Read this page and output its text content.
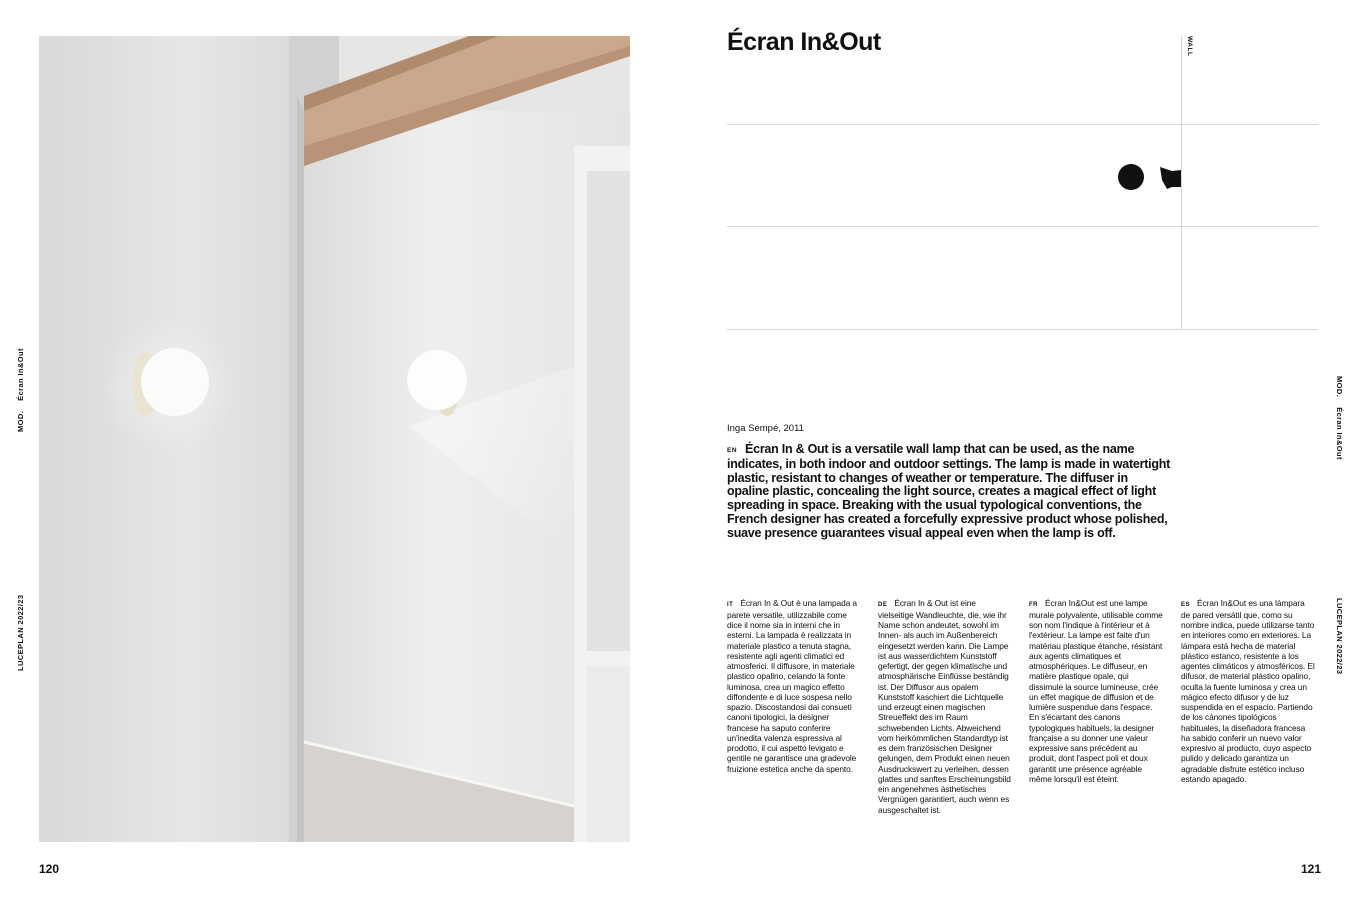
MOD.Écran In&Out
LUCEPLAN 2022/23
120
Écran In&Out	WALL
Inga Sempé, 2011
EN Écran In & Out is a versatile wall lamp that can be used, as the name indicates, in both indoor and outdoor settings. The lamp is made in watertight plastic, resistant to changes of weather or temperature. The diffuser in opaline plastic, concealing the light source, creates a magical effect of light spreading in space. Breaking with the usual typological conventions, the French designer has created a forcefully expressive product whose polished, suave presence guarantees visual appeal even when the lamp is off.
IT Écran In & Out è una lampada a parete versatile, utilizzabile come dice il nome sia in interni che in esterni. La lampada è realizzata in materiale plastico a tenuta stagna, resistente agli agenti climatici ed atmosferici. Il diffusore, in materiale plastico opalino, celando la fonte luminosa, crea un magico effetto diffondente e di luce sospesa nello spazio. Discostandosi dai consueti canoni tipologici, la designer francese ha saputo conferire un'inedita valenza espressiva al prodotto, il cui aspetto levigato e gentile ne garantisce una gradevole fruizione estetica anche da spento.
DE Écran In & Out ist eine vielseitige Wandleuchte, die, wie ihr Name schon andeutet, sowohl im Innen- als auch im Außenbereich eingesetzt werden kann. Die Lampe ist aus wasserdichtem Kunststoff gefertigt, der gegen klimatische und atmosphärische Einflüsse beständig ist. Der Diffusor aus opalem Kunststoff kaschiert die Lichtquelle und erzeugt einen magischen Streueffekt des im Raum schwebenden Lichts. Abweichend vom herkömmlichen Standardtyp ist es dem französischen Designer gelungen, dem Produkt einen neuen Ausdruckswert zu verleihen, dessen glattes und sanftes Erscheinungsbild ein angenehmes ästhetisches Vergnügen garantiert, auch wenn es ausgeschaltet ist.
FR Écran In&Out est une lampe murale polyvalente, utilisable comme son nom l'indique à l'intérieur et à l'extérieur. La lampe est faite d'un matériau plastique étanche, résistant aux agents climatiques et atmosphériques. Le diffuseur, en matière plastique opale, qui dissimule la source lumineuse, crée un effet magique de diffusion et de lumière suspendue dans l'espace. En s'écartant des canons typologiques habituels, la designer française a su donner une valeur expressive sans précédent au produit, dont l'aspect poli et doux garantit une présence agréable même lorsqu'il est éteint.
ES Écran In&Out es una lámpara de pared versátil que, como su nombre indica, puede utilizarse tanto en interiores como en exteriores. La lámpara está hecha de material plástico estanco, resistente a los agentes climáticos y atmosféricos. El difusor, de material plástico opalino, oculta la fuente luminosa y crea un mágico efecto difusor y de luz suspendida en el espacio. Partiendo de los cánones tipológicos habituales, la diseñadora francesa ha sabido conferir un nuevo valor expresivo al producto, cuyo aspecto pulido y delicado garantiza un agradable disfrute estético incluso estando apagado.
MOD.Écran In&Out
LUCEPLAN 2022/23
121
